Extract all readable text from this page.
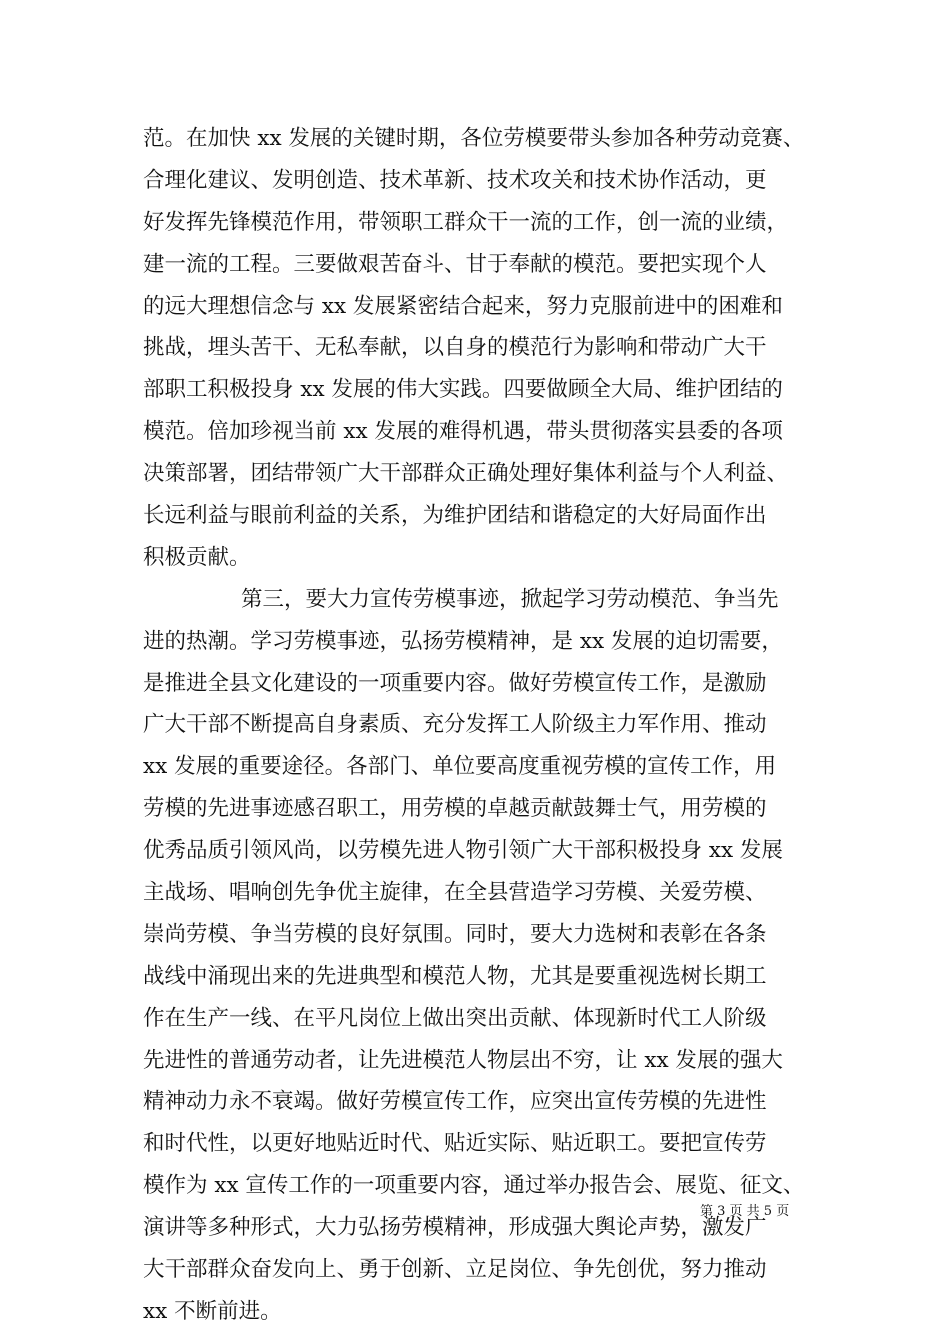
范。在加快 xx 发展的关键时期，各位劳模要带头参加各种劳动竞赛、
合理化建议、发明创造、技术革新、技术攻关和技术协作活动，更
好发挥先锋模范作用，带领职工群众干一流的工作，创一流的业绩，
建一流的工程。三要做艰苦奋斗、甘于奉献的模范。要把实现个人
的远大理想信念与 xx 发展紧密结合起来，努力克服前进中的困难和
挑战，埋头苦干、无私奉献，以自身的模范行为影响和带动广大干
部职工积极投身 xx 发展的伟大实践。四要做顾全大局、维护团结的
模范。倍加珍视当前 xx 发展的难得机遇，带头贯彻落实县委的各项
决策部署，团结带领广大干部群众正确处理好集体利益与个人利益、
长远利益与眼前利益的关系，为维护团结和谐稳定的大好局面作出
积极贡献。
第三，要大力宣传劳模事迹，掀起学习劳动模范、争当先
进的热潮。学习劳模事迹，弘扬劳模精神，是 xx 发展的迫切需要，
是推进全县文化建设的一项重要内容。做好劳模宣传工作，是激励
广大干部不断提高自身素质、充分发挥工人阶级主力军作用、推动
xx 发展的重要途径。各部门、单位要高度重视劳模的宣传工作，用
劳模的先进事迹感召职工，用劳模的卓越贡献鼓舞士气，用劳模的
优秀品质引领风尚，以劳模先进人物引领广大干部积极投身 xx 发展
主战场、唱响创先争优主旋律，在全县营造学习劳模、关爱劳模、
崇尚劳模、争当劳模的良好氛围。同时，要大力选树和表彰在各条
战线中涌现出来的先进典型和模范人物，尤其是要重视选树长期工
作在生产一线、在平凡岗位上做出突出贡献、体现新时代工人阶级
先进性的普通劳动者，让先进模范人物层出不穷，让 xx 发展的强大
精神动力永不衰竭。做好劳模宣传工作，应突出宣传劳模的先进性
和时代性，以更好地贴近时代、贴近实际、贴近职工。要把宣传劳
模作为 xx 宣传工作的一项重要内容，通过举办报告会、展览、征文、
演讲等多种形式，大力弘扬劳模精神，形成强大舆论声势，激发广
大干部群众奋发向上、勇于创新、立足岗位、争先创优，努力推动
xx 不断前进。
第 3 页 共 5 页
